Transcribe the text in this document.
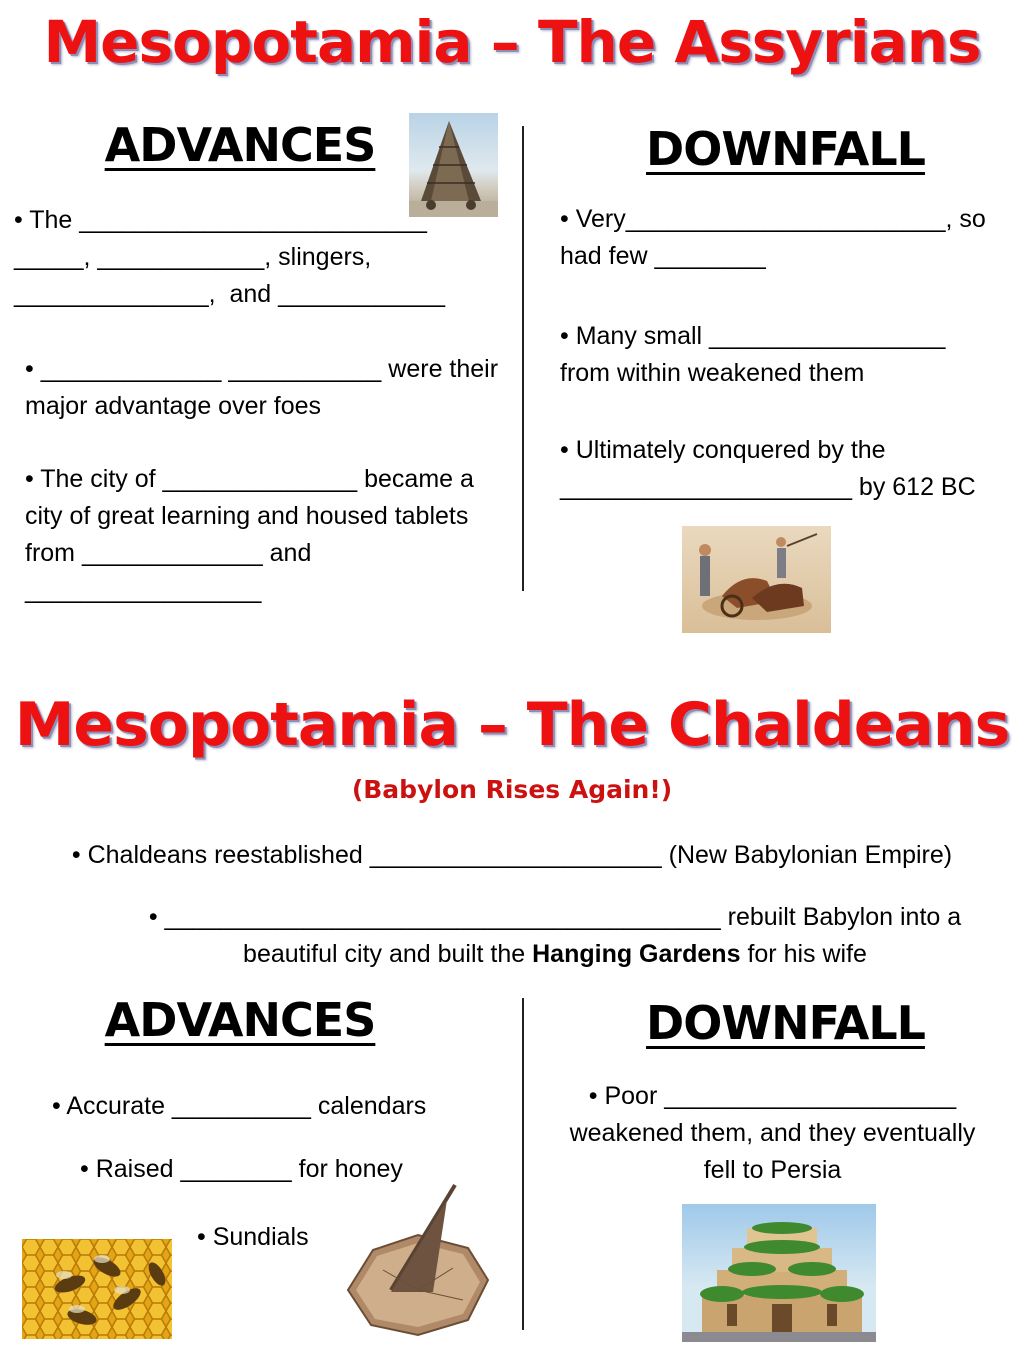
Mesopotamia – The Assyrians
ADVANCES	DOWNFALL
• The _________________________ _____, ____________, slingers, ______________,  and ____________
• _____________ ___________ were their major advantage over foes
• The city of ______________ became a city of great learning and housed tablets from _____________ and _________________
• Very_______________________, so had few ________
• Many small _________________ from within weakened them
• Ultimately conquered by the _____________________ by 612 BC
Mesopotamia – The Chaldeans
(Babylon Rises Again!)
• Chaldeans reestablished _____________________ (New Babylonian Empire)
• ________________________________________ rebuilt Babylon into a beautiful city and built the Hanging Gardens for his wife
ADVANCES	DOWNFALL
• Accurate __________ calendars
• Raised ________ for honey
• Sundials
• Poor _____________________ weakened them, and they eventually fell to Persia
